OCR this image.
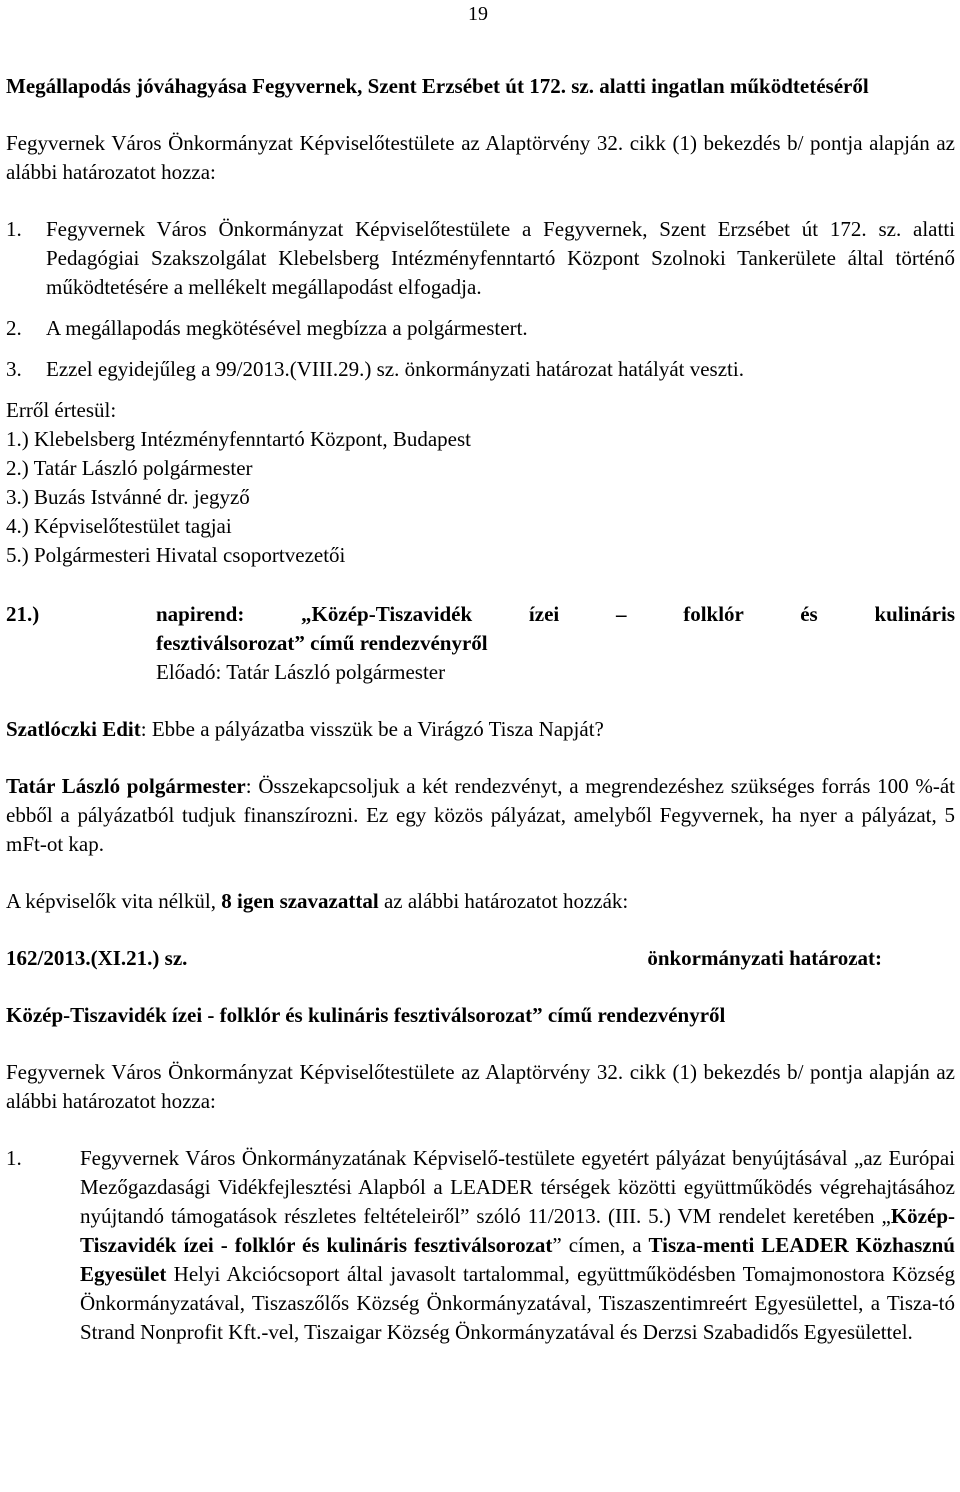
19
Megállapodás jóváhagyása Fegyvernek, Szent Erzsébet út 172. sz. alatti ingatlan működtetéséről
Fegyvernek Város Önkormányzat Képviselőtestülete az Alaptörvény 32. cikk (1) bekezdés b/ pontja alapján az alábbi határozatot hozza:
1.	Fegyvernek Város Önkormányzat Képviselőtestülete a Fegyvernek, Szent Erzsébet út 172. sz. alatti Pedagógiai Szakszolgálat Klebelsberg Intézményfenntartó Központ Szolnoki Tankerülete által történő működtetésére a mellékelt megállapodást elfogadja.
2.	A megállapodás megkötésével megbízza a polgármestert.
3.	Ezzel egyidejűleg a 99/2013.(VIII.29.) sz. önkormányzati határozat hatályát veszti.
Erről értesül:
1.) Klebelsberg Intézményfenntartó Központ, Budapest
2.) Tatár László polgármester
3.) Buzás Istvánné dr. jegyző
4.) Képviselőtestület tagjai
5.) Polgármesteri Hivatal csoportvezetői
21.)	napirend: „Közép-Tiszavidék ízei – folklór és kulináris
fesztiválsorozat” című rendezvényről
Előadó: Tatár László polgármester
Szatlóczki Edit: Ebbe a pályázatba visszük be a Virágzó Tisza Napját?
Tatár László polgármester: Összekapcsoljuk a két rendezvényt, a megrendezéshez szükséges forrás 100 %-át ebből a pályázatból tudjuk finanszírozni. Ez egy közös pályázat, amelyből Fegyvernek, ha nyer a pályázat, 5 mFt-ot kap.
A képviselők vita nélkül, 8 igen szavazattal az alábbi határozatot hozzák:
162/2013.(XI.21.) sz.	önkormányzati határozat:
Közép-Tiszavidék ízei - folklór és kulináris fesztiválsorozat” című rendezvényről
Fegyvernek Város Önkormányzat Képviselőtestülete az Alaptörvény 32. cikk (1) bekezdés b/ pontja alapján az alábbi határozatot hozza:
1.	Fegyvernek Város Önkormányzatának Képviselő-testülete egyetért pályázat benyújtásával „az Európai Mezőgazdasági Vidékfejlesztési Alapból a LEADER térségek közötti együttműködés végrehajtásához nyújtandó támogatások részletes feltételeiről” szóló 11/2013. (III. 5.) VM rendelet keretében „Közép-Tiszavidék ízei - folklór és kulináris fesztiválsorozat” címen, a Tisza-menti LEADER Közhasznú Egyesület Helyi Akciócsoport által javasolt tartalommal, együttműködésben Tomajmonostora Község Önkormányzatával, Tiszaszőlős Község Önkormányzatával, Tiszaszentimreért Egyesülettel, a Tisza-tó Strand Nonprofit Kft.-vel, Tiszaigar Község Önkormányzatával és Derzsi Szabadidős Egyesülettel.
